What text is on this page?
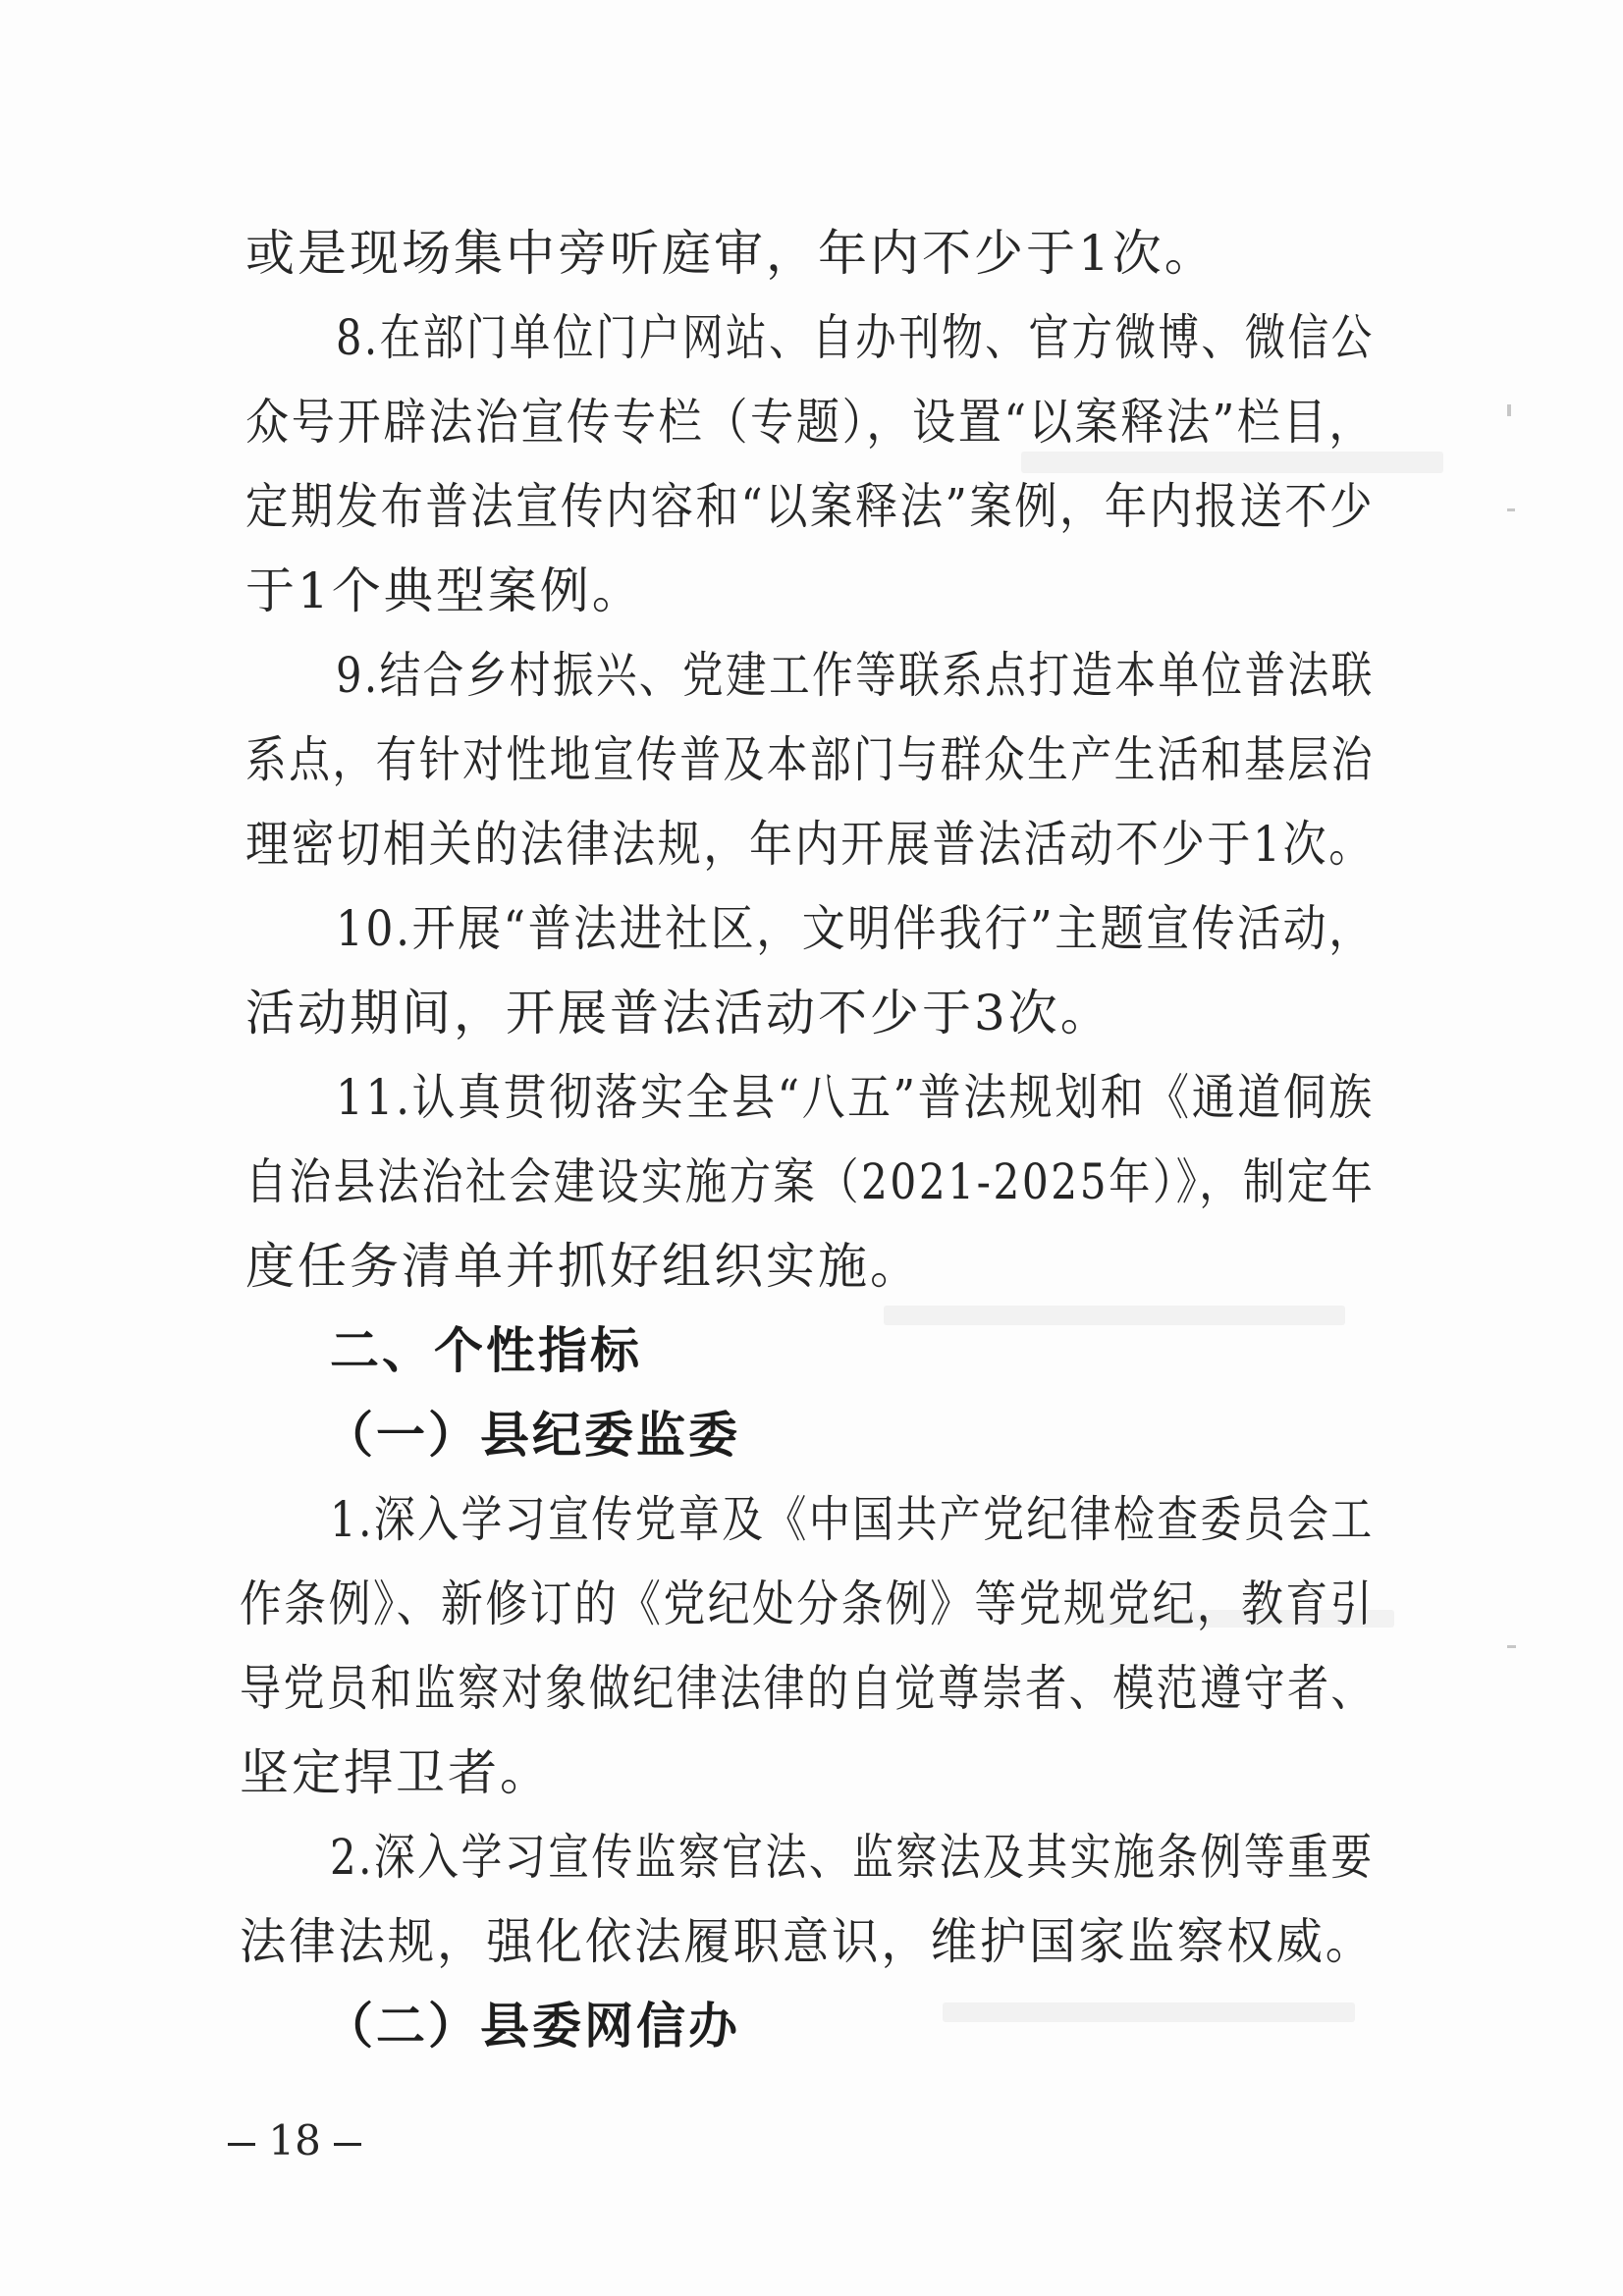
或是现场集中旁听庭审，年内不少于1次。
8.在部门单位门户网站、自办刊物、官方微博、微信公
众号开辟法治宣传专栏（专题），设置“以案释法”栏目，
定期发布普法宣传内容和“以案释法”案例，年内报送不少
于1个典型案例。
9.结合乡村振兴、党建工作等联系点打造本单位普法联
系点，有针对性地宣传普及本部门与群众生产生活和基层治
理密切相关的法律法规，年内开展普法活动不少于1次。
10.开展“普法进社区，文明伴我行”主题宣传活动，
活动期间，开展普法活动不少于3次。
11.认真贯彻落实全县“八五”普法规划和《通道侗族
自治县法治社会建设实施方案（2021-2025年）》，制定年
度任务清单并抓好组织实施。
二、个性指标
（一）县纪委监委
1.深入学习宣传党章及《中国共产党纪律检查委员会工
作条例》、新修订的《党纪处分条例》等党规党纪，教育引
导党员和监察对象做纪律法律的自觉尊崇者、模范遵守者、
坚定捍卫者。
2.深入学习宣传监察官法、监察法及其实施条例等重要
法律法规，强化依法履职意识，维护国家监察权威。
（二）县委网信办
18
